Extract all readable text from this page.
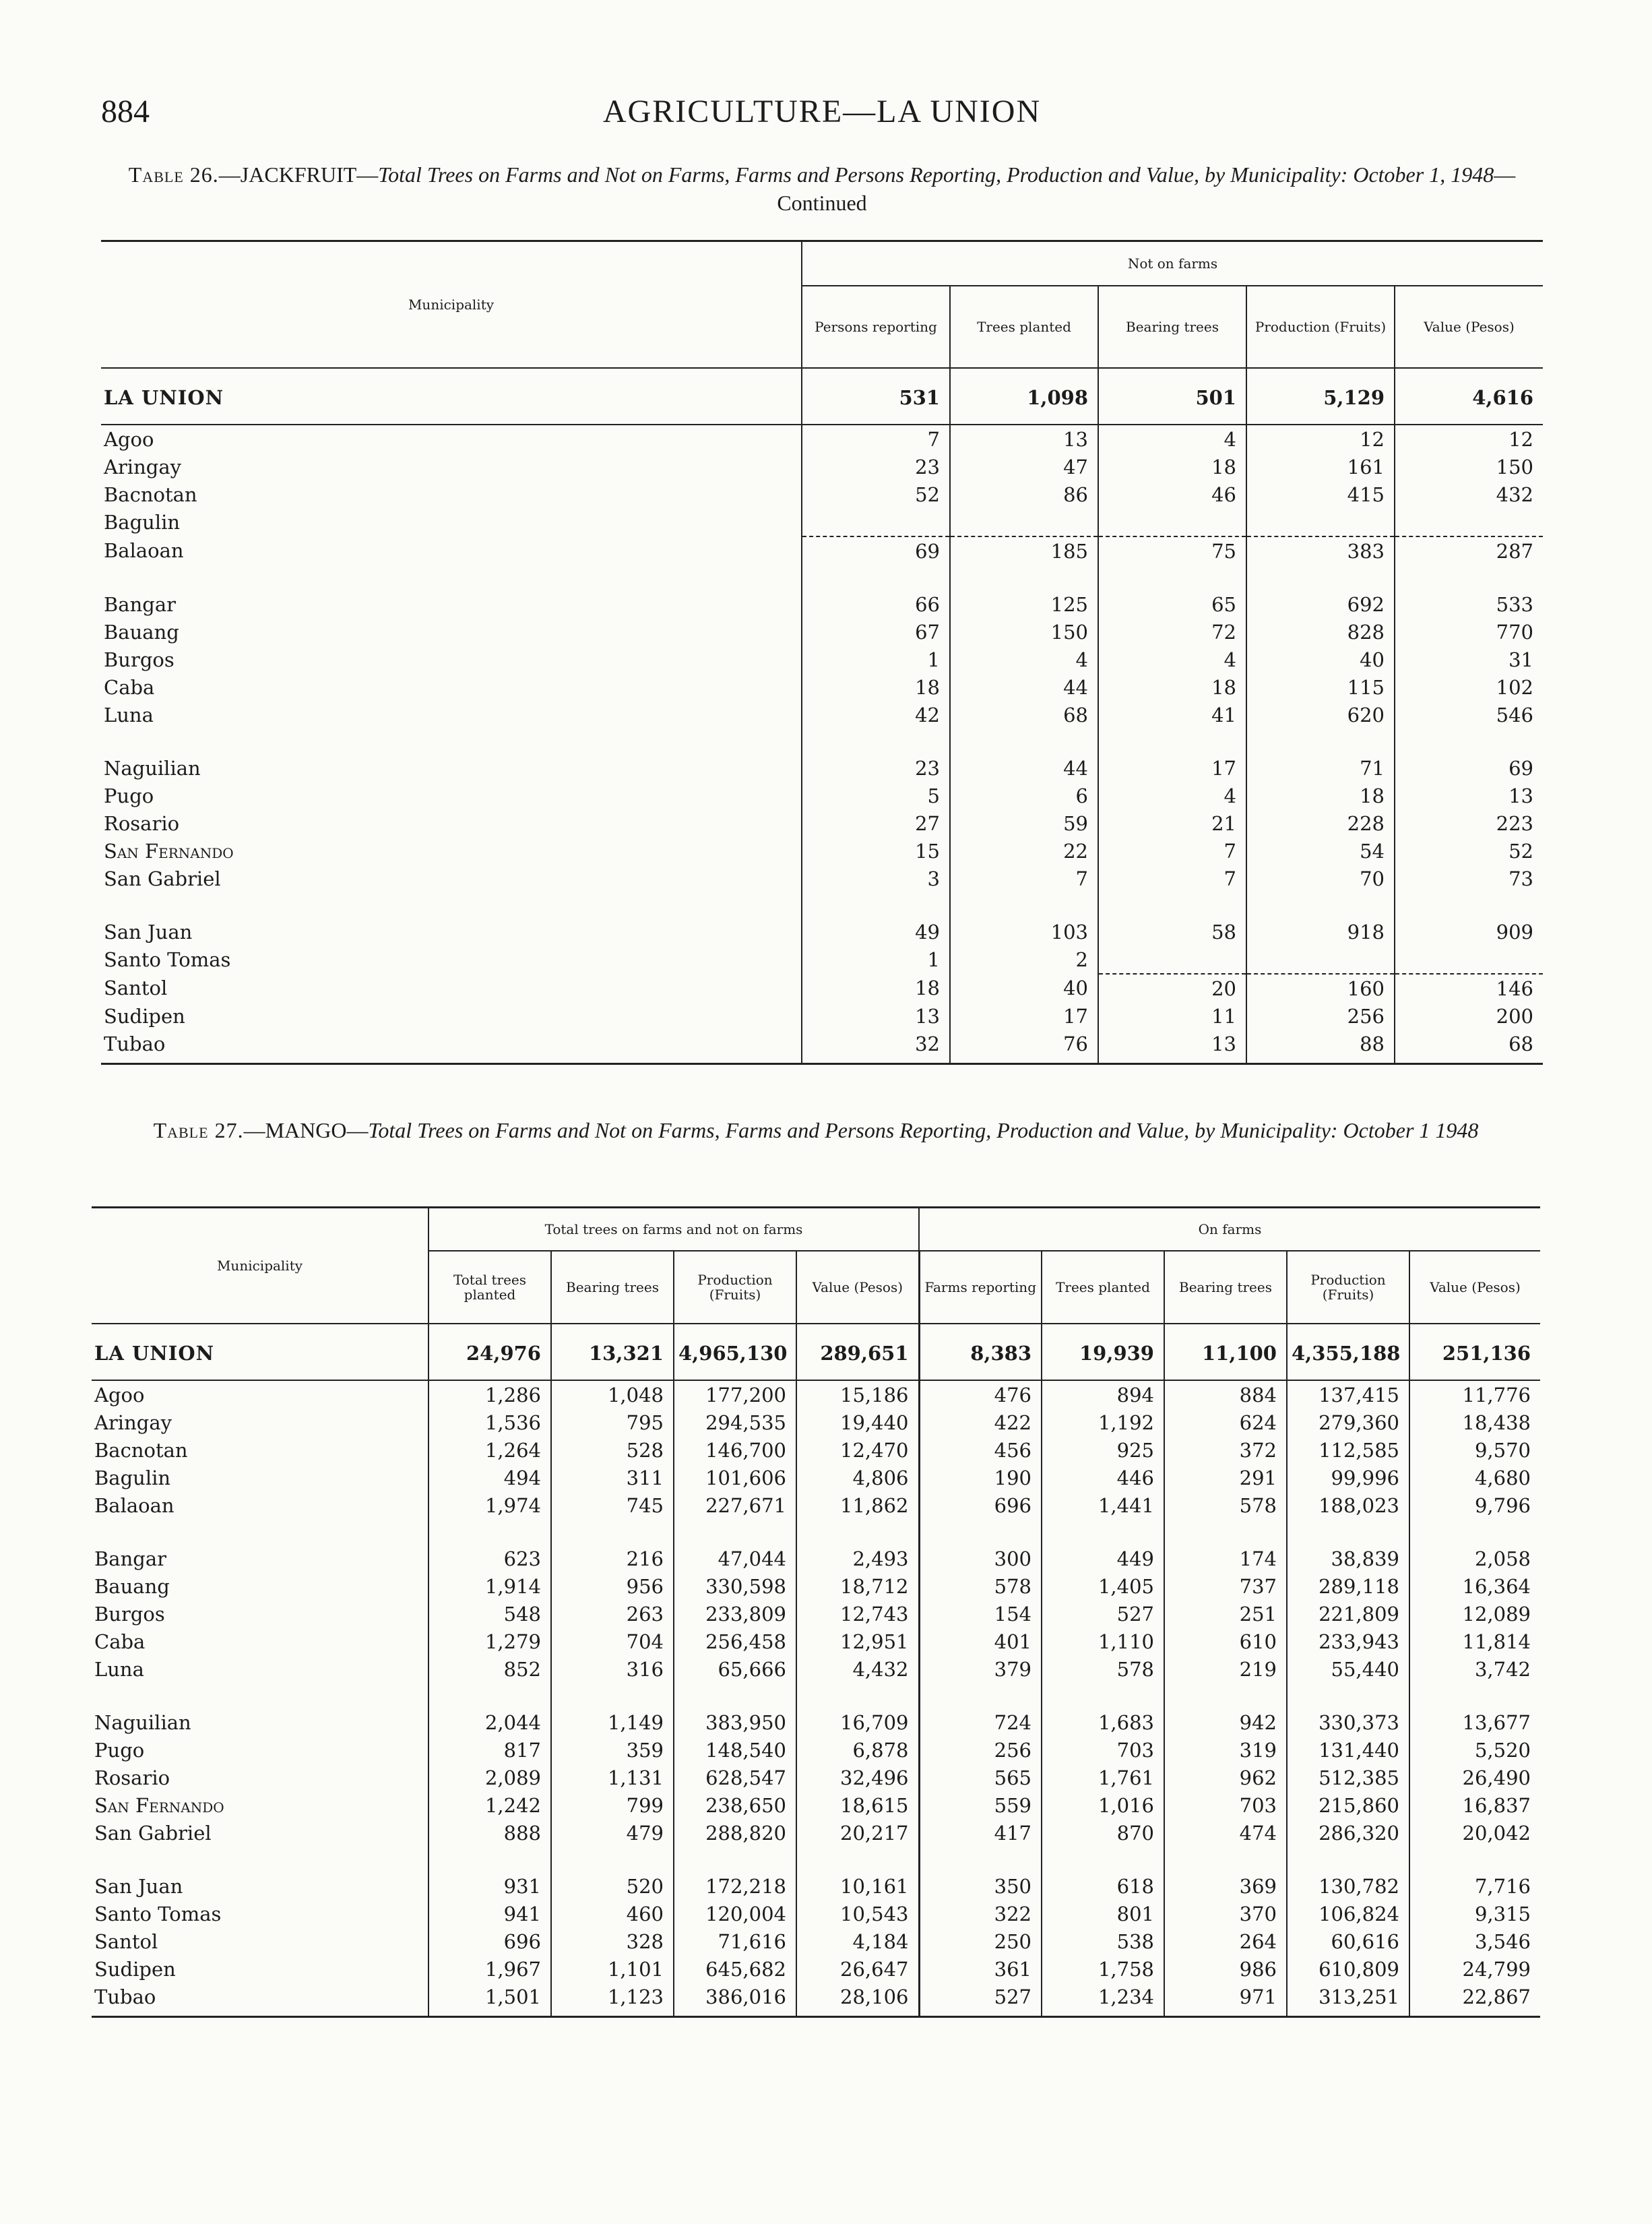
884	AGRICULTURE—LA UNION
Table 26.—JACKFRUIT—Total Trees on Farms and Not on Farms, Farms and Persons Reporting, Production and Value, by Municipality: October 1, 1948—Continued
Municipality	Not on farms				
	Persons reporting	Trees planted	Bearing trees	Production (Fruits)	Value (Pesos)

LA UNION	531	1,098	501	5,129	4,616

Agoo	7	13	4	12	12
Aringay	23	47	18	161	150
Bacnotan	52	86	46	415	432
Bagulin					
Balaoan	69	185	75	383	287

Bangar	66	125	65	692	533
Bauang	67	150	72	828	770
Burgos	1	4	4	40	31
Caba	18	44	18	115	102
Luna	42	68	41	620	546

Naguilian	23	44	17	71	69
Pugo	5	6	4	18	13
Rosario	27	59	21	228	223
San Fernando	15	22	7	54	52
San Gabriel	3	7	7	70	73

San Juan	49	103	58	918	909
Santo Tomas	1	2			
Santol	18	40	20	160	146
Sudipen	13	17	11	256	200
Tubao	32	76	13	88	68

Table 27.—MANGO—Total Trees on Farms and Not on Farms, Farms and Persons Reporting, Production and Value, by Municipality: October 1 1948
Municipality	Total trees on farms and not on farms				On farms				
	Total trees planted	Bearing trees	Production (Fruits)	Value (Pesos)	Farms reporting	Trees planted	Bearing trees	Production (Fruits)	Value (Pesos)

LA UNION	24,976	13,321	4,965,130	289,651	8,383	19,939	11,100	4,355,188	251,136

Agoo	1,286	1,048	177,200	15,186	476	894	884	137,415	11,776
Aringay	1,536	795	294,535	19,440	422	1,192	624	279,360	18,438
Bacnotan	1,264	528	146,700	12,470	456	925	372	112,585	9,570
Bagulin	494	311	101,606	4,806	190	446	291	99,996	4,680
Balaoan	1,974	745	227,671	11,862	696	1,441	578	188,023	9,796

Bangar	623	216	47,044	2,493	300	449	174	38,839	2,058
Bauang	1,914	956	330,598	18,712	578	1,405	737	289,118	16,364
Burgos	548	263	233,809	12,743	154	527	251	221,809	12,089
Caba	1,279	704	256,458	12,951	401	1,110	610	233,943	11,814
Luna	852	316	65,666	4,432	379	578	219	55,440	3,742

Naguilian	2,044	1,149	383,950	16,709	724	1,683	942	330,373	13,677
Pugo	817	359	148,540	6,878	256	703	319	131,440	5,520
Rosario	2,089	1,131	628,547	32,496	565	1,761	962	512,385	26,490
San Fernando	1,242	799	238,650	18,615	559	1,016	703	215,860	16,837
San Gabriel	888	479	288,820	20,217	417	870	474	286,320	20,042

San Juan	931	520	172,218	10,161	350	618	369	130,782	7,716
Santo Tomas	941	460	120,004	10,543	322	801	370	106,824	9,315
Santol	696	328	71,616	4,184	250	538	264	60,616	3,546
Sudipen	1,967	1,101	645,682	26,647	361	1,758	986	610,809	24,799
Tubao	1,501	1,123	386,016	28,106	527	1,234	971	313,251	22,867
